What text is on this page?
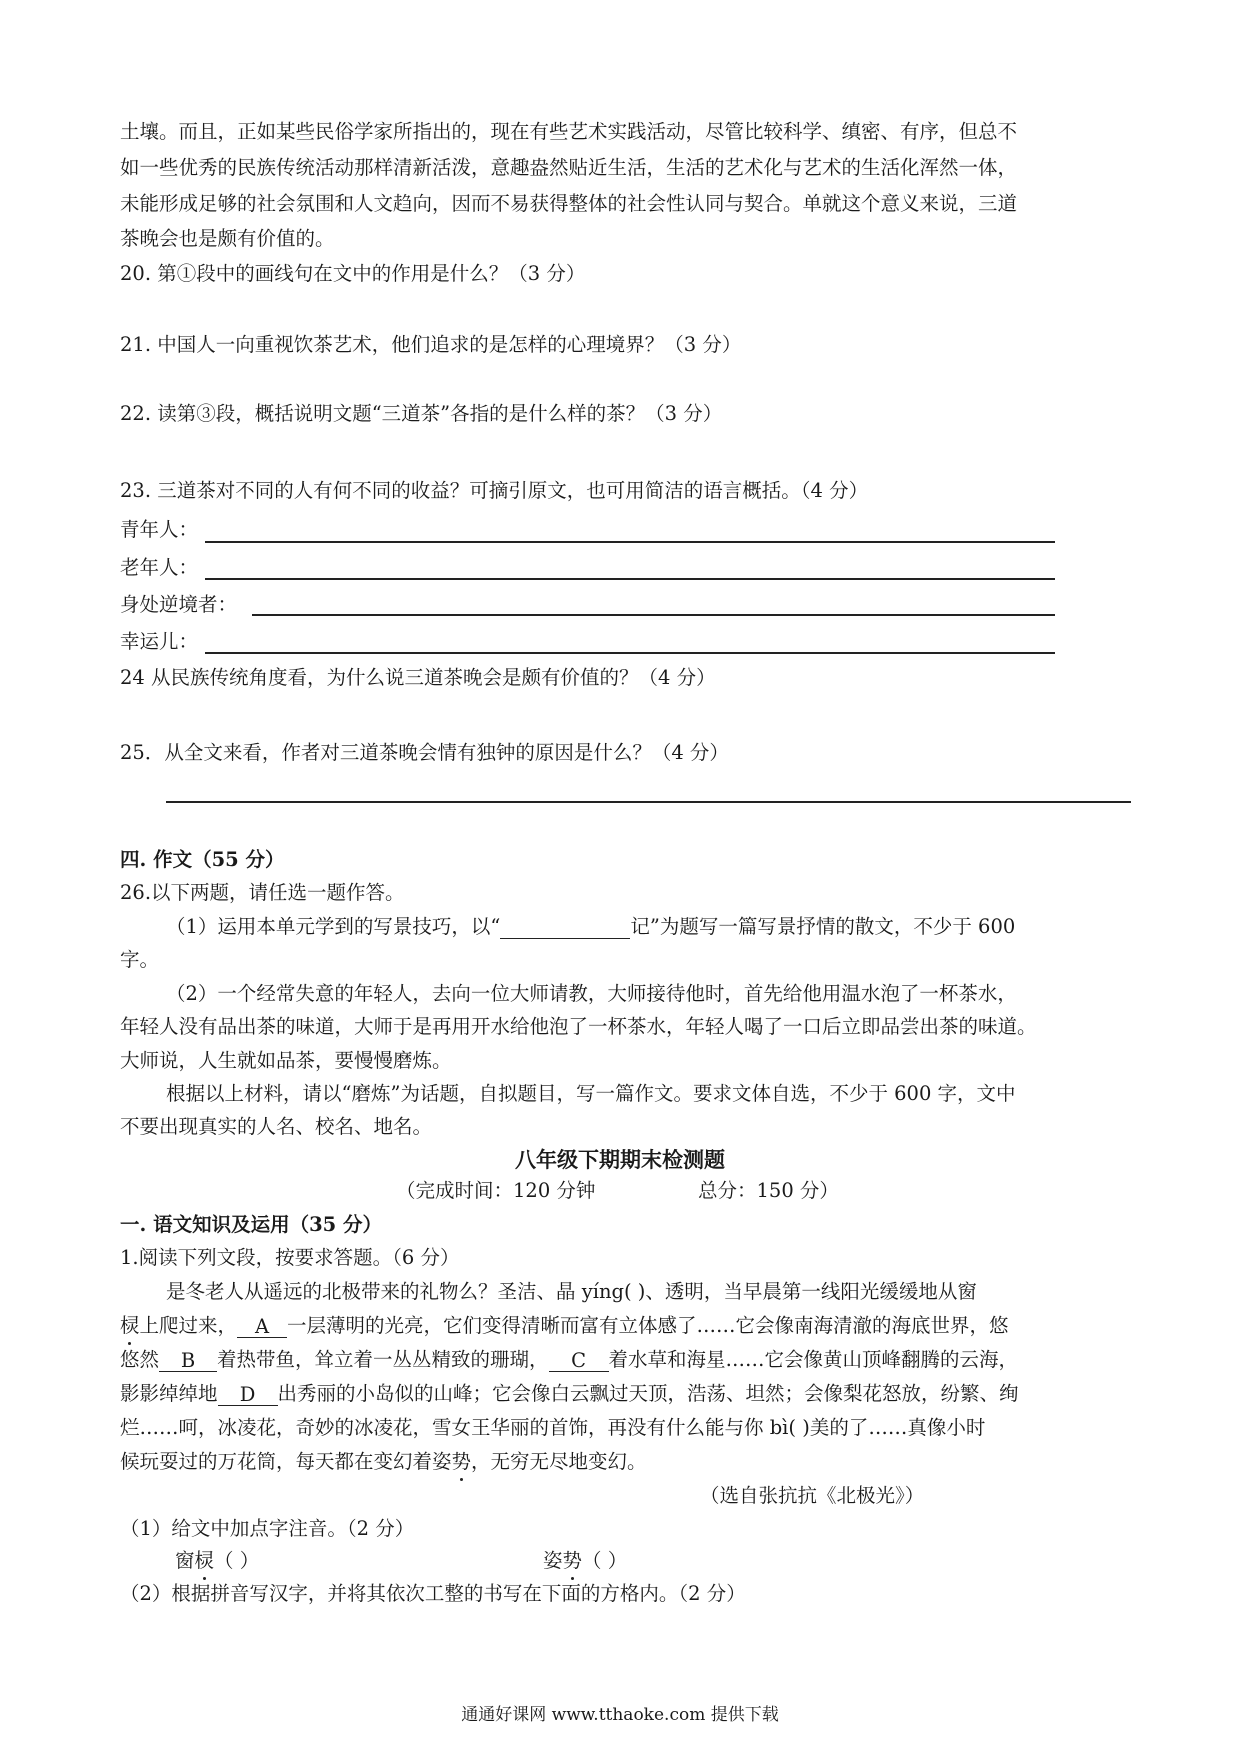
土壤。而且，正如某些民俗学家所指出的，现在有些艺术实践活动，尽管比较科学、缜密、有序，但总不
如一些优秀的民族传统活动那样清新活泼，意趣盎然贴近生活，生活的艺术化与艺术的生活化浑然一体，
未能形成足够的社会氛围和人文趋向，因而不易获得整体的社会性认同与契合。单就这个意义来说，三道
茶晚会也是颇有价值的。
20. 第①段中的画线句在文中的作用是什么？（3 分）
21. 中国人一向重视饮茶艺术，他们追求的是怎样的心理境界？（3 分）
22. 读第③段，概括说明文题“三道茶”各指的是什么样的茶？（3 分）
23. 三道茶对不同的人有何不同的收益？可摘引原文，也可用简洁的语言概括。（4 分）
青年人：
老年人：
身处逆境者：
幸运儿：
24 从民族传统角度看，为什么说三道茶晚会是颇有价值的？（4 分）
25．从全文来看，作者对三道茶晚会情有独钟的原因是什么？（4 分）
四. 作文（55 分）
26.以下两题，请任选一题作答。
（1）运用本单元学到的写景技巧，以“	记”为题写一篇写景抒情的散文，不少于 600
字。
（2）一个经常失意的年轻人，去向一位大师请教，大师接待他时，首先给他用温水泡了一杯茶水，
年轻人没有品出茶的味道，大师于是再用开水给他泡了一杯茶水，年轻人喝了一口后立即品尝出茶的味道。
大师说，人生就如品茶，要慢慢磨炼。
根据以上材料，请以“磨炼”为话题，自拟题目，写一篇作文。要求文体自选，不少于 600 字，文中
不要出现真实的人名、校名、地名。
八年级下期期末检测题
（完成时间：120 分钟	总分：150 分）
一. 语文知识及运用（35 分）
1.阅读下列文段，按要求答题。（6 分）
是冬老人从遥远的北极带来的礼物么？圣洁、晶 yíng( )、透明，当早晨第一线阳光缓缓地从窗
棂上爬过来， A 一层薄明的光亮，它们变得清晰而富有立体感了……它会像南海清澈的海底世界，悠
悠然 B 着热带鱼，耸立着一丛丛精致的珊瑚， C 着水草和海星……它会像黄山顶峰翻腾的云海，
影影绰绰地 D 出秀丽的小岛似的山峰；它会像白云飘过天顶，浩荡、坦然；会像梨花怒放，纷繁、绚
烂……呵，冰凌花，奇妙的冰凌花，雪女王华丽的首饰，再没有什么能与你 bì( )美的了……真像小时
候玩耍过的万花筒，每天都在变幻着姿势，无穷无尽地变幻。
（选自张抗抗《北极光》）
（1）给文中加点字注音。（2 分）
窗棂（ ）	姿势（ ）
（2）根据拼音写汉字，并将其依次工整的书写在下面的方格内。（2 分）
通通好课网 www.tthaoke.com 提供下载
